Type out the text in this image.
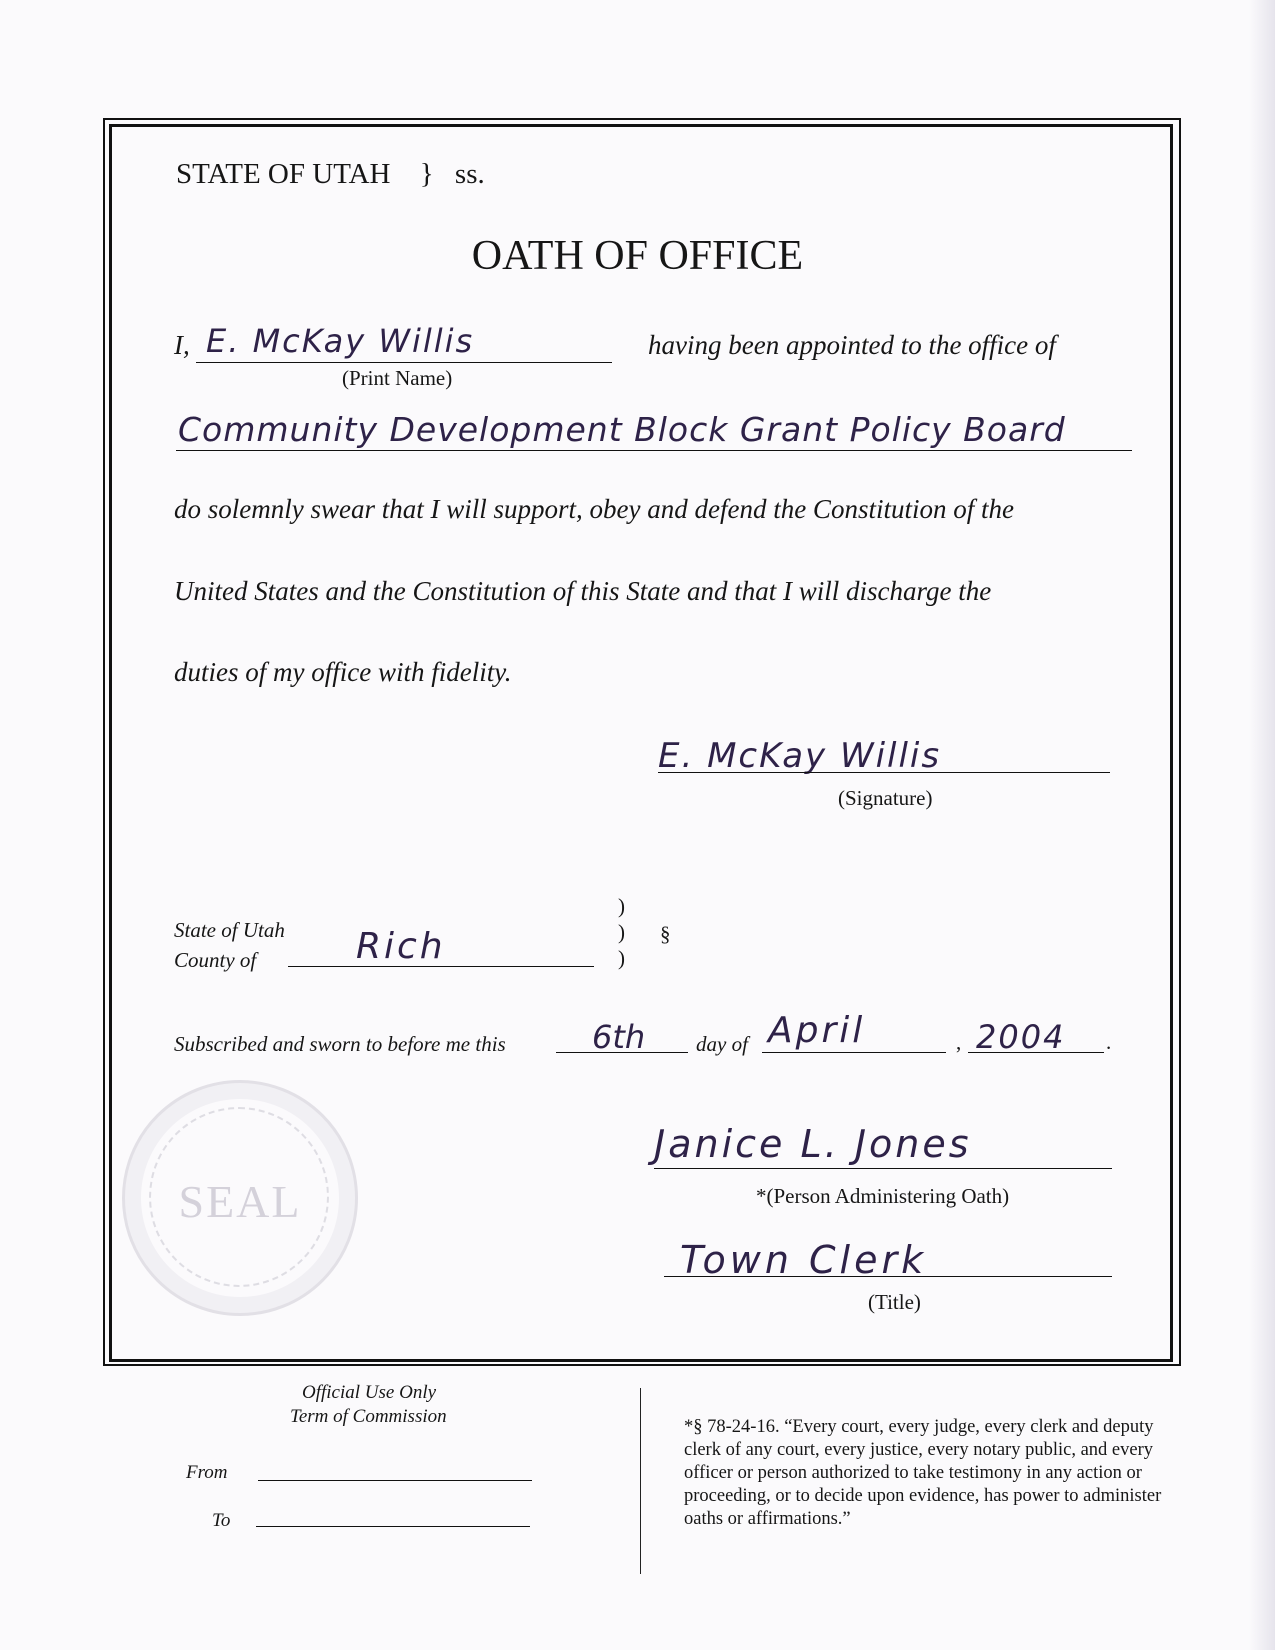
STATE OF UTAH } ss.
OATH OF OFFICE
I, E. McKay Willis
(Print Name)
having been appointed to the office of
Community Development Block Grant Policy Board
do solemnly swear that I will support, obey and defend the Constitution of the
United States and the Constitution of this State and that I will discharge the
duties of my office with fidelity.
E. McKay Willis
(Signature)
State of Utah
County of	Rich
)
)
)
§
Subscribed and sworn to before me this	6th day of April	, 2004 .
SEAL
Janice L. Jones
*(Person Administering Oath)
Town Clerk
(Title)
Official Use Only
Term of Commission
From
To
*§ 78-24-16. “Every court, every judge, every clerk and deputy clerk of any court, every justice, every notary public, and every officer or person authorized to take testimony in any action or proceeding, or to decide upon evidence, has power to administer oaths or affirmations.”
